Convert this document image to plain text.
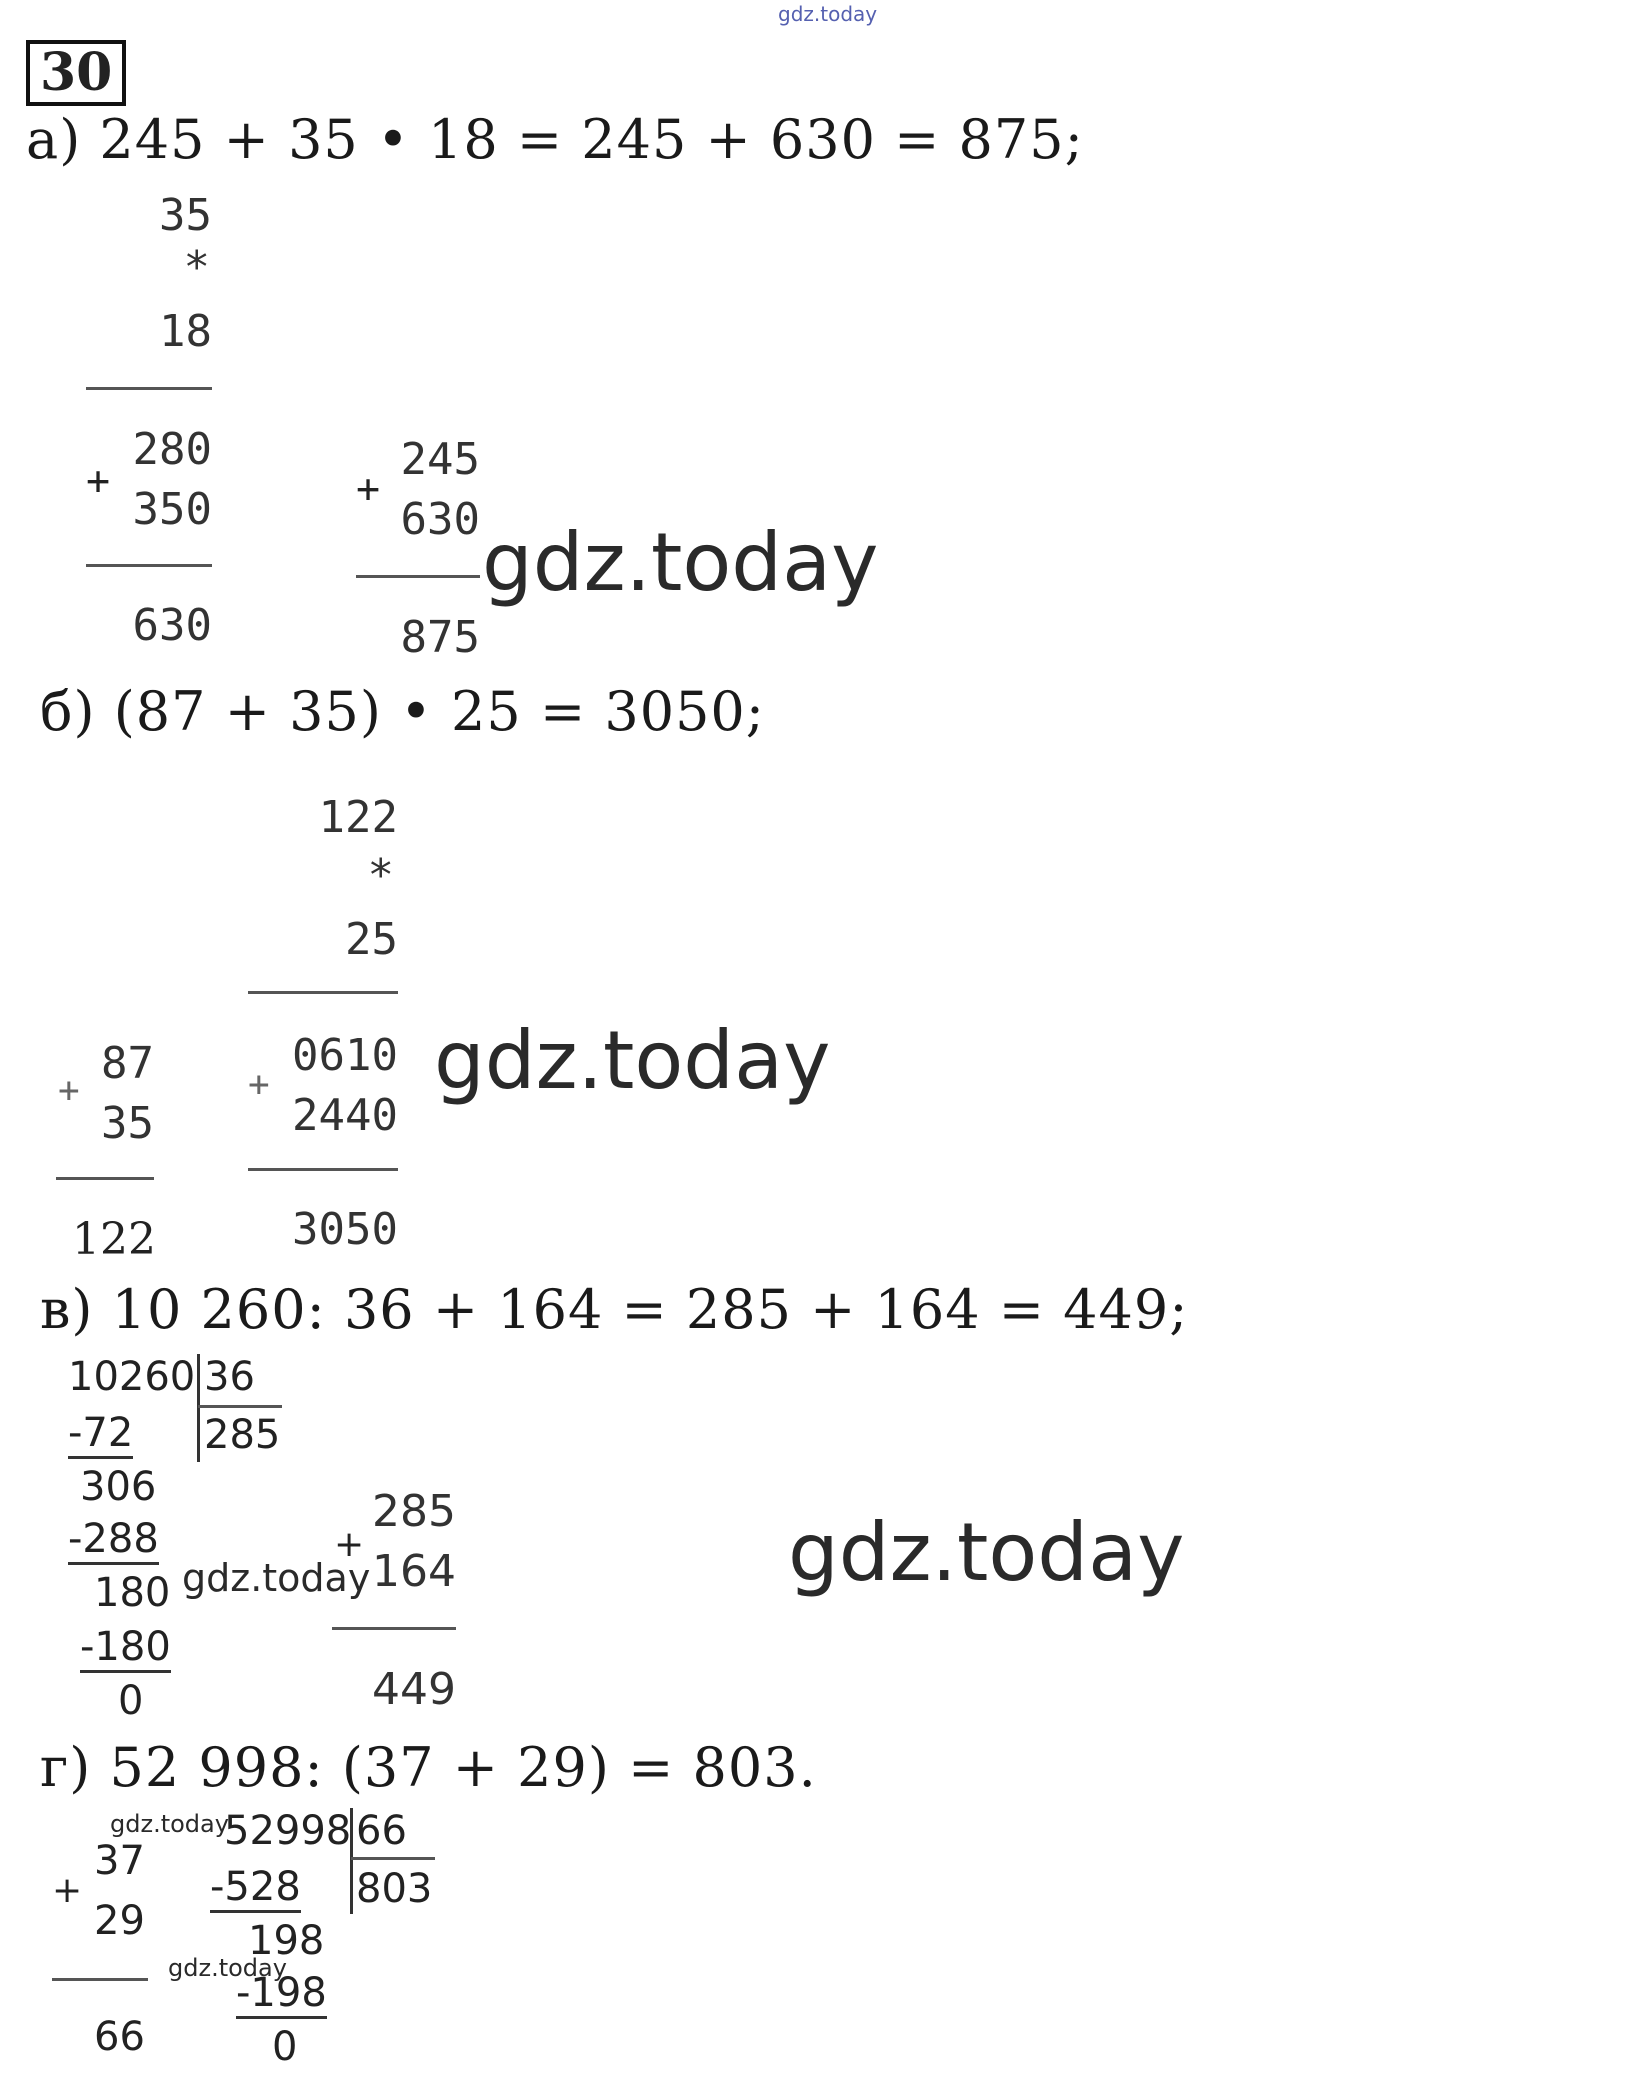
gdz.today
30
а) 245 + 35 • 18 = 245 + 630 = 875;
35
*
18
280
+
350
630
245
+
630
875
gdz.today
б) (87 + 35) • 25 = 3050;
87
+
35
122
122
*
25
0610
+
2440
3050
gdz.today
в) 10 260: 36 + 164 = 285 + 164 = 449;
10260 36
285
-72
306
-288
180
-180
0
gdz.today
285
+
164
449
gdz.today
г) 52 998: (37 + 29) = 803.
gdz.today
37
+
29
66
52998 66
803
-528
198
-198
0
gdz.today
